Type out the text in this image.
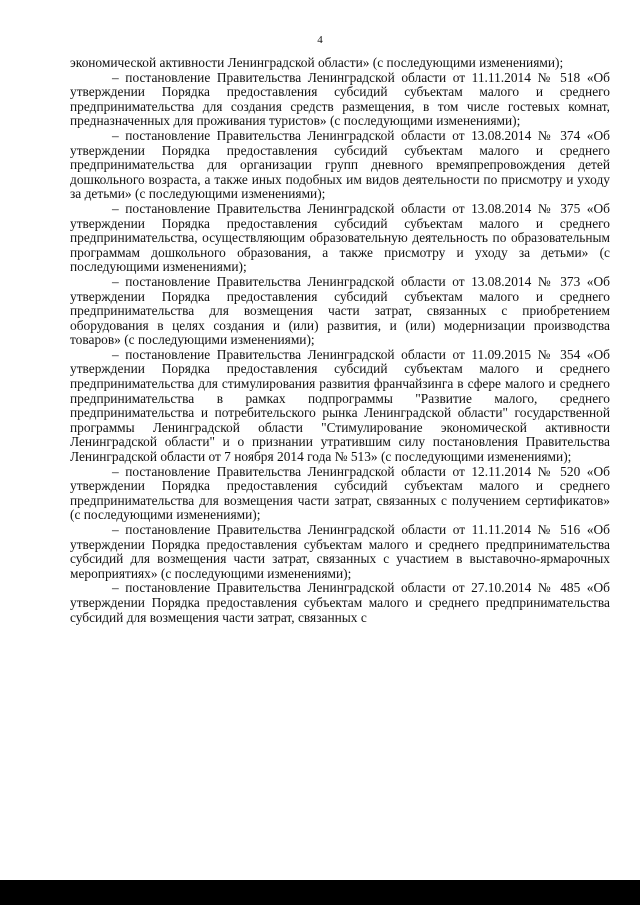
4

экономической активности Ленинградской области» (с последующими изменениями);

– постановление Правительства Ленинградской области от 11.11.2014 № 518 «Об утверждении Порядка предоставления субсидий субъектам малого и среднего предпринимательства для создания средств размещения, в том числе гостевых комнат, предназначенных для проживания туристов» (с последующими изменениями);

– постановление Правительства Ленинградской области от 13.08.2014 № 374 «Об утверждении Порядка предоставления субсидий субъектам малого и среднего предпринимательства для организации групп дневного времяпрепровождения детей дошкольного возраста, а также иных подобных им видов деятельности по присмотру и уходу за детьми» (с последующими изменениями);

– постановление Правительства Ленинградской области от 13.08.2014 № 375 «Об утверждении Порядка предоставления субсидий субъектам малого и среднего предпринимательства, осуществляющим образовательную деятельность по образовательным программам дошкольного образования, а также присмотру и уходу за детьми» (с последующими изменениями);

– постановление Правительства Ленинградской области от 13.08.2014 № 373 «Об утверждении Порядка предоставления субсидий субъектам малого и среднего предпринимательства для возмещения части затрат, связанных с приобретением оборудования в целях создания и (или) развития, и (или) модернизации производства товаров» (с последующими изменениями);

– постановление Правительства Ленинградской области от 11.09.2015 № 354 «Об утверждении Порядка предоставления субсидий субъектам малого и среднего предпринимательства для стимулирования развития франчайзинга в сфере малого и среднего предпринимательства в рамках подпрограммы "Развитие малого, среднего предпринимательства и потребительского рынка Ленинградской области" государственной программы Ленинградской области "Стимулирование экономической активности Ленинградской области" и о признании утратившим силу постановления Правительства Ленинградской области от 7 ноября 2014 года № 513» (с последующими изменениями);

– постановление Правительства Ленинградской области от 12.11.2014 № 520 «Об утверждении Порядка предоставления субсидий субъектам малого и среднего предпринимательства для возмещения части затрат, связанных с получением сертификатов» (с последующими изменениями);

– постановление Правительства Ленинградской области от 11.11.2014 № 516 «Об утверждении Порядка предоставления субъектам малого и среднего предпринимательства субсидий для возмещения части затрат, связанных с участием в выставочно-ярмарочных мероприятиях» (с последующими изменениями);

– постановление Правительства Ленинградской области от 27.10.2014 № 485 «Об утверждении Порядка предоставления субъектам малого и среднего предпринимательства субсидий для возмещения части затрат, связанных с
